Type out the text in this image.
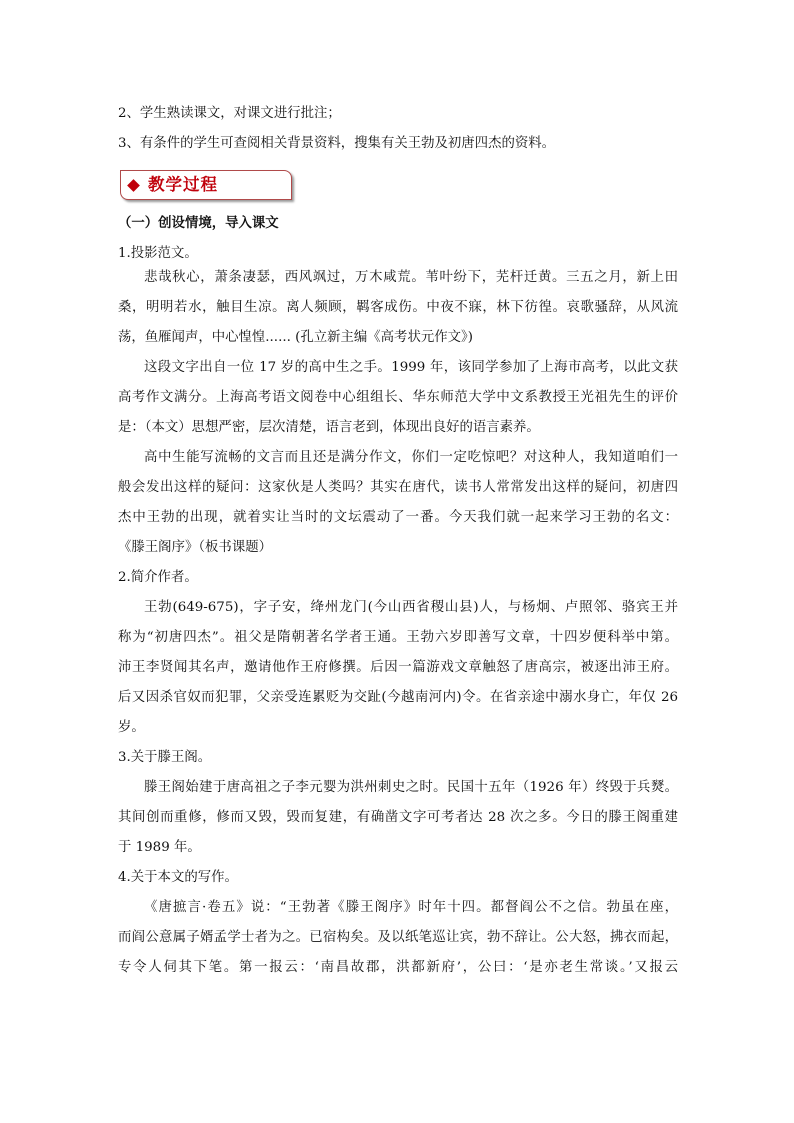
2、学生熟读课文，对课文进行批注；
3、有条件的学生可查阅相关背景资料，搜集有关王勃及初唐四杰的资料。
教学过程
（一）创设情境，导入课文
1.投影范文。
悲哉秋心，萧条凄瑟，西风飒过，万木咸荒。苇叶纷下，芜杆迁黄。三五之月，新上田
桑，明明若水，触目生凉。离人频顾，羁客成伤。中夜不寐，林下彷徨。哀歌骚辞，从风流
荡，鱼雁闻声，中心惶惶...... (孔立新主编《高考状元作文》)
这段文字出自一位 17 岁的高中生之手。1999 年，该同学参加了上海市高考，以此文获
高考作文满分。上海高考语文阅卷中心组组长、华东师范大学中文系教授王光祖先生的评价
是：（本文）思想严密，层次清楚，语言老到，体现出良好的语言素养。
高中生能写流畅的文言而且还是满分作文，你们一定吃惊吧？对这种人，我知道咱们一
般会发出这样的疑问：这家伙是人类吗？其实在唐代，读书人常常发出这样的疑问，初唐四
杰中王勃的出现，就着实让当时的文坛震动了一番。今天我们就一起来学习王勃的名文：
《滕王阁序》（板书课题）
2.简介作者。
王勃(649-675)，字子安，绛州龙门(今山西省稷山县)人，与杨炯、卢照邻、骆宾王并
称为“初唐四杰”。祖父是隋朝著名学者王通。王勃六岁即善写文章，十四岁便科举中第。
沛王李贤闻其名声，邀请他作王府修撰。后因一篇游戏文章触怒了唐高宗，被逐出沛王府。
后又因杀官奴而犯罪，父亲受连累贬为交趾(今越南河内)令。在省亲途中溺水身亡，年仅 26
岁。
3.关于滕王阁。
滕王阁始建于唐高祖之子李元婴为洪州刺史之时。民国十五年（1926 年）终毁于兵燹。
其间创而重修，修而又毁，毁而复建，有确凿文字可考者达 28 次之多。今日的滕王阁重建
于 1989 年。
4.关于本文的写作。
《唐摭言·卷五》说：“王勃著《滕王阁序》时年十四。都督阎公不之信。勃虽在座，
而阎公意属子婿孟学士者为之。已宿构矣。及以纸笔巡让宾，勃不辞让。公大怒，拂衣而起，
专令人伺其下笔。第一报云：‘南昌故郡，洪都新府’，公曰：‘是亦老生常谈。’又报云
